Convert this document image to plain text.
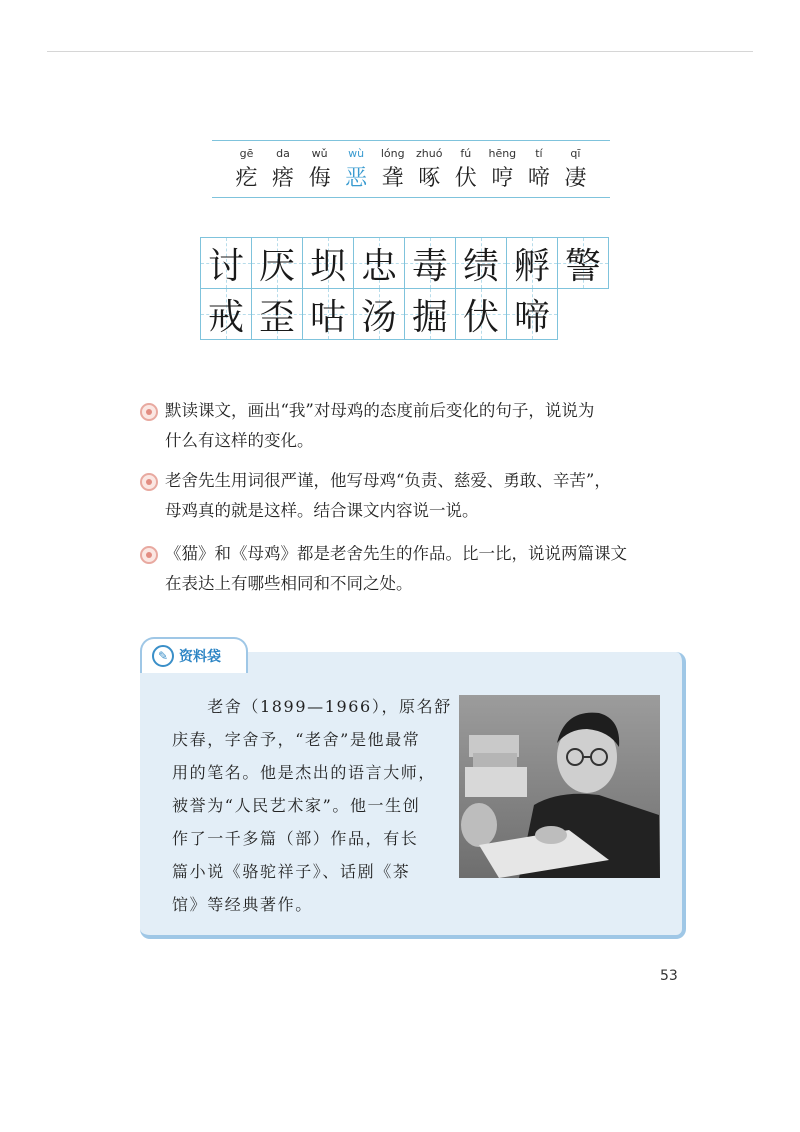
gē	da	wǔ	wù	lóng	zhuó	fú	hēng	tí	qī
疙 瘩 侮 恶 聋 啄 伏 哼 啼 凄
讨 厌 坝 忠 毒 绩 孵 警
戒 歪 咕 汤 掘 伏 啼
默读课文，画出“我”对母鸡的态度前后变化的句子，说说为
什么有这样的变化。
老舍先生用词很严谨，他写母鸡“负责、慈爱、勇敢、辛苦”，
母鸡真的就是这样。结合课文内容说一说。
《猫》和《母鸡》都是老舍先生的作品。比一比，说说两篇课文
在表达上有哪些相同和不同之处。
✎ 资料袋
　　老舍（1899—1966），原名舒
庆春，字舍予，“老舍”是他最常
用的笔名。他是杰出的语言大师，
被誉为“人民艺术家”。他一生创
作了一千多篇（部）作品，有长
篇小说《骆驼祥子》、话剧《茶
馆》等经典著作。
53
